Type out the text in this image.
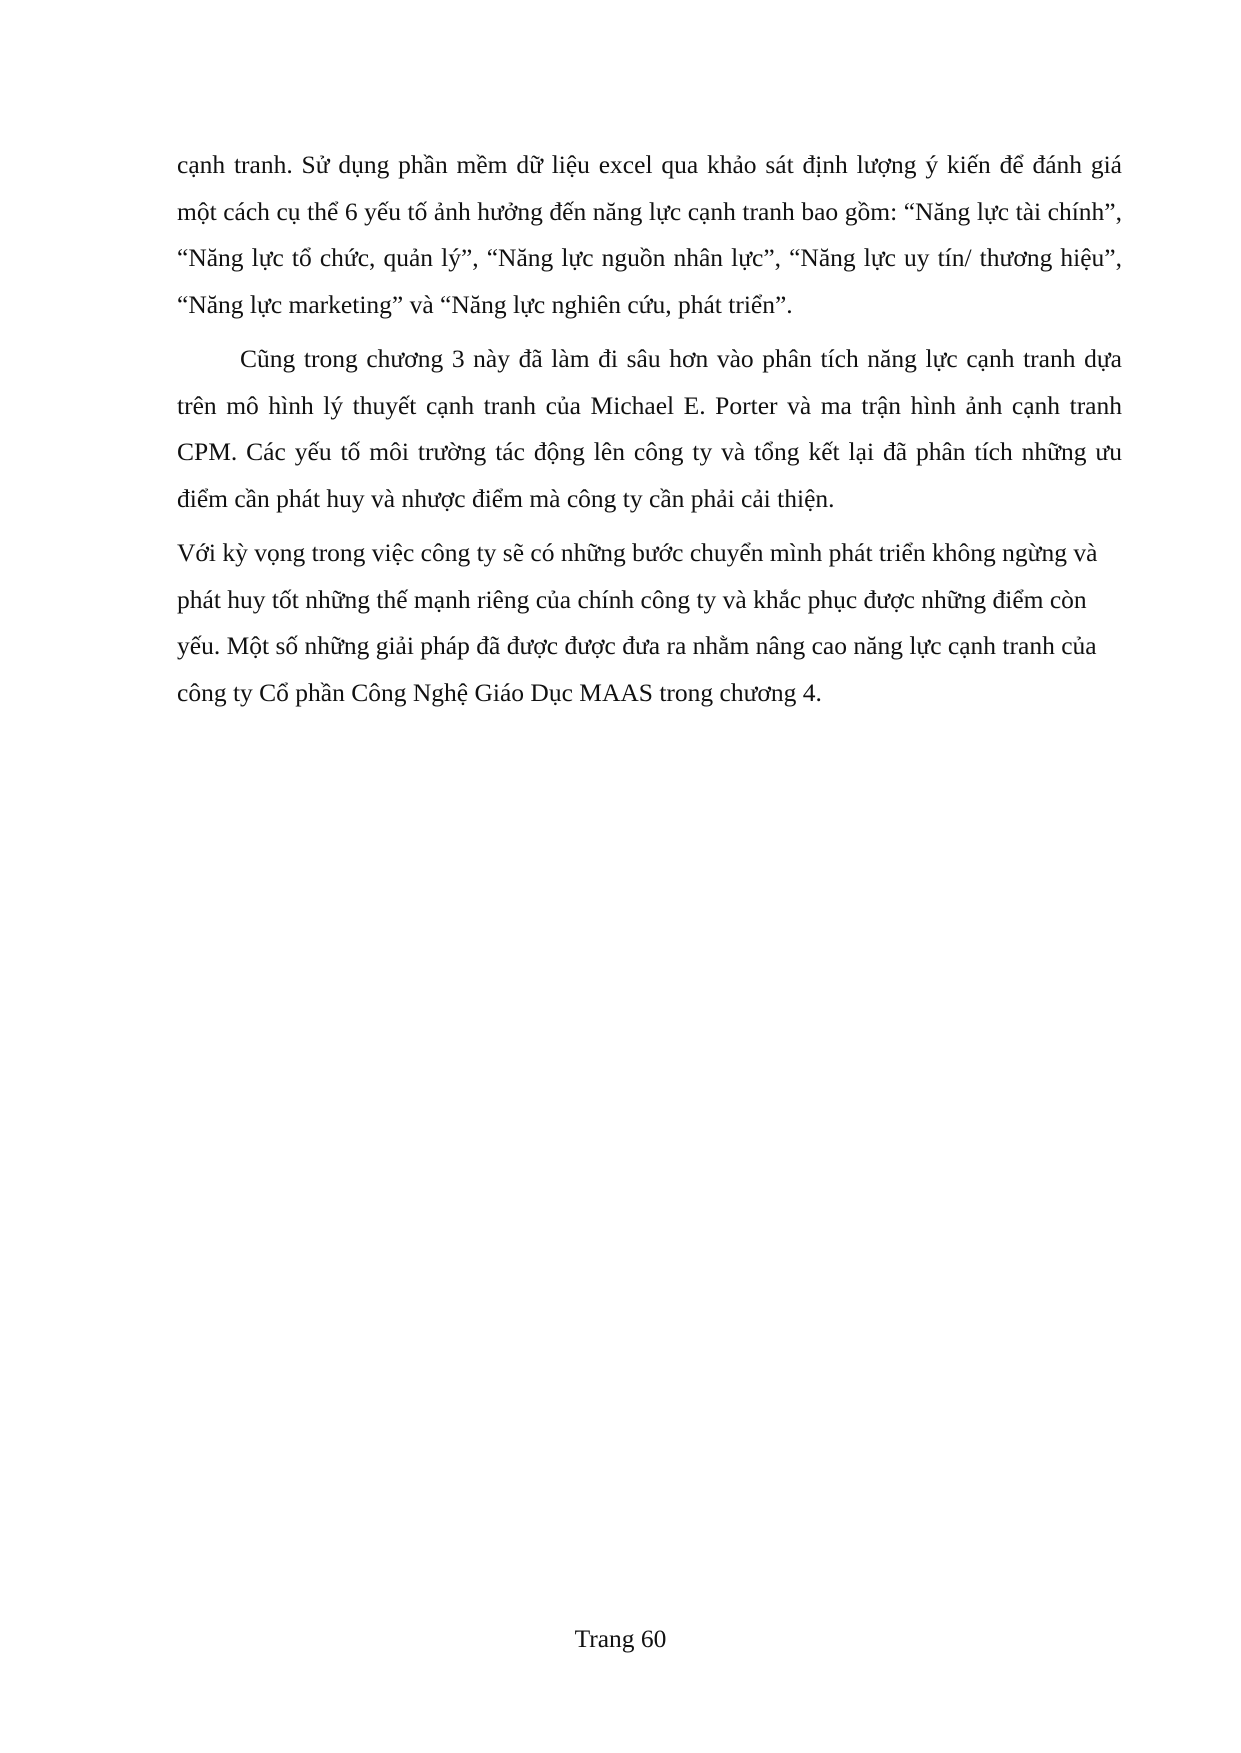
cạnh tranh. Sử dụng phần mềm dữ liệu excel qua khảo sát định lượng ý kiến để đánh giá một cách cụ thể 6 yếu tố ảnh hưởng đến năng lực cạnh tranh bao gồm: “Năng lực tài chính”, “Năng lực tổ chức, quản lý”, “Năng lực nguồn nhân lực”, “Năng lực uy tín/ thương hiệu”, “Năng lực marketing” và “Năng lực nghiên cứu, phát triển”.

Cũng trong chương 3 này đã làm đi sâu hơn vào phân tích năng lực cạnh tranh dựa trên mô hình lý thuyết cạnh tranh của Michael E. Porter và ma trận hình ảnh cạnh tranh CPM. Các yếu tố môi trường tác động lên công ty và tổng kết lại đã phân tích những ưu điểm cần phát huy và nhược điểm mà công ty cần phải cải thiện.

Với kỳ vọng trong việc công ty sẽ có những bước chuyển mình phát triển không ngừng và phát huy tốt những thế mạnh riêng của chính công ty và khắc phục được những điểm còn yếu. Một số những giải pháp đã được được đưa ra nhằm nâng cao năng lực cạnh tranh của công ty Cổ phần Công Nghệ Giáo Dục MAAS trong chương 4.

Trang 60
